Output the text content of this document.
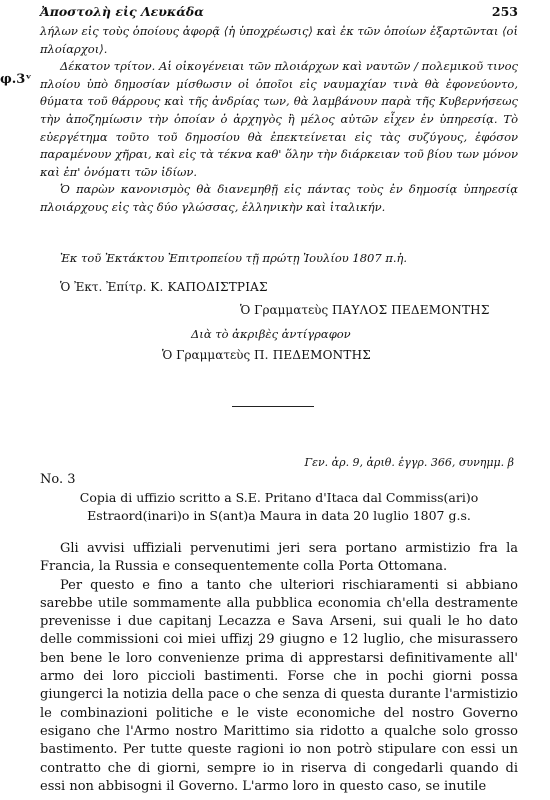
Ἀποστολὴ εἰς Λευκάδα	253
φ.3ᵛ

λήλων εἰς τοὺς ὁποίους ἀφορᾷ ⟨ἡ ὑποχρέωσις⟩ καὶ ἐκ τῶν ὁποίων ἐξαρτῶνται ⟨οἱ πλοίαρχοι⟩.

Δέκατον τρίτον. Αἱ οἰκογένειαι τῶν πλοιάρχων καὶ ναυτῶν / πολεμικοῦ τινος πλοίου ὑπὸ δημοσίαν μίσθωσιν οἱ ὁποῖοι εἰς ναυμαχίαν τινὰ θὰ ἐφονεύοντο, θύματα τοῦ θάρρους καὶ τῆς ἀνδρίας των, θὰ λαμβάνουν παρὰ τῆς Κυβερνήσεως τὴν ἀποζημίωσιν τὴν ὁποίαν ὁ ἀρχηγὸς ἢ μέλος αὐτῶν εἶχεν ἐν ὑπηρεσίᾳ. Τὸ εὐεργέτημα τοῦτο τοῦ δημοσίου θὰ ἐπεκτείνεται εἰς τὰς συζύγους, ἐφόσον παραμένουν χῆραι, καὶ εἰς τὰ τέκνα καθ' ὅλην τὴν διάρκειαν τοῦ βίου των μόνον καὶ ἐπ' ὀνόματι τῶν ἰδίων.

Ὁ παρὼν κανονισμὸς θὰ διανεμηθῇ εἰς πάντας τοὺς ἐν δημοσίᾳ ὑπηρεσίᾳ πλοιάρχους εἰς τὰς δύο γλώσσας, ἑλληνικὴν καὶ ἰταλικήν.

Ἐκ τοῦ Ἐκτάκτου Ἐπιτροπείου τῇ πρώτῃ Ἰουλίου 1807 π.ἡ.
Ὁ Ἐκτ. Ἐπίτρ. Κ. ΚΑΠΟΔΙΣΤΡΙΑΣ
Ὁ Γραμματεὺς ΠΑΥΛΟΣ ΠΕΔΕΜΟΝΤΗΣ
Διὰ τὸ ἀκριβὲς ἀντίγραφον
Ὁ Γραμματεὺς Π. ΠΕΔΕΜΟΝΤΗΣ
Γεν. ἀρ. 9, ἀριθ. ἐγγρ. 366, συνημμ. β
No. 3
Copia di uffizio scritto a S.E. Pritano d'Itaca dal Commiss(ari)o Estraord(inari)o in S(ant)a Maura in data 20 luglio 1807 g.s.

Gli avvisi uffiziali pervenutimi jeri sera portano armistizio fra la Francia, la Russia e consequentemente colla Porta Ottomana.

Per questo e fino a tanto che ulteriori rischiaramenti si abbiano sarebbe utile sommamente alla pubblica economia ch'ella destramente prevenisse i due capitanj Lecazza e Sava Arseni, sui quali le ho dato delle commissioni coi miei uffizj 29 giugno e 12 luglio, che misurassero ben bene le loro convenienze prima di apprestarsi definitivamente all' armo dei loro piccioli bastimenti. Forse che in pochi giorni possa giungerci la notizia della pace o che senza di questa durante l'armistizio le combinazioni politiche e le viste economiche del nostro Governo esigano che l'Armo nostro Marittimo sia ridotto a qualche solo grosso bastimento. Per tutte queste ragioni io non potrò stipulare con essi un contratto che di giorni, sempre io in riserva di congedarli quando di essi non abbisogni il Governo. L'armo loro in questo caso, se inutile
